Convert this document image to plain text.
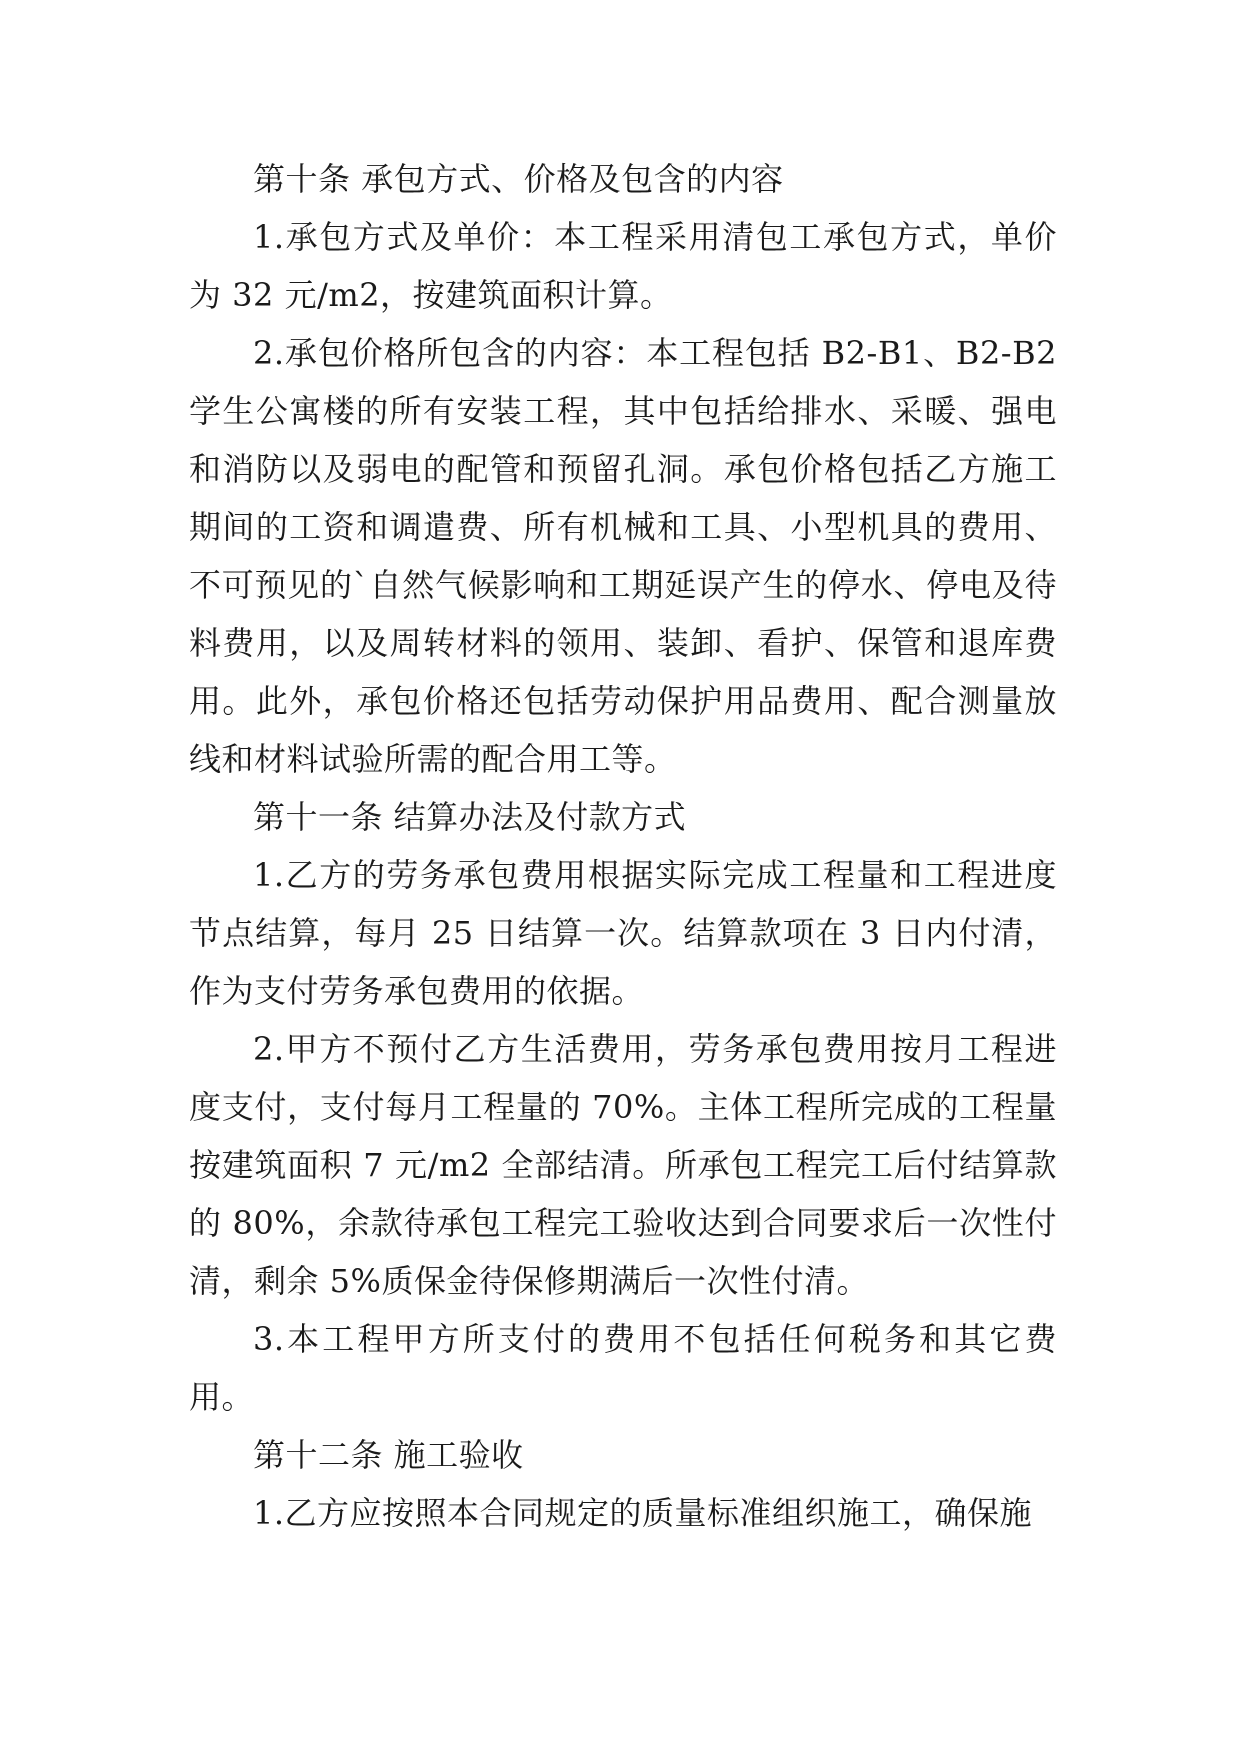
第十条 承包方式、价格及包含的内容

1.承包方式及单价：本工程采用清包工承包方式，单价为 32 元/m2，按建筑面积计算。

2.承包价格所包含的内容：本工程包括 B2-B1、B2-B2 学生公寓楼的所有安装工程，其中包括给排水、采暖、强电和消防以及弱电的配管和预留孔洞。承包价格包括乙方施工期间的工资和调遣费、所有机械和工具、小型机具的费用、不可预见的`自然气候影响和工期延误产生的停水、停电及待料费用，以及周转材料的领用、装卸、看护、保管和退库费用。此外，承包价格还包括劳动保护用品费用、配合测量放线和材料试验所需的配合用工等。

第十一条 结算办法及付款方式

1.乙方的劳务承包费用根据实际完成工程量和工程进度节点结算，每月 25 日结算一次。结算款项在 3 日内付清，作为支付劳务承包费用的依据。

2.甲方不预付乙方生活费用，劳务承包费用按月工程进度支付，支付每月工程量的 70%。主体工程所完成的工程量按建筑面积 7 元/m2 全部结清。所承包工程完工后付结算款的 80%，余款待承包工程完工验收达到合同要求后一次性付清，剩余 5%质保金待保修期满后一次性付清。

3.本工程甲方所支付的费用不包括任何税务和其它费用。

第十二条 施工验收

1.乙方应按照本合同规定的质量标准组织施工，确保施
